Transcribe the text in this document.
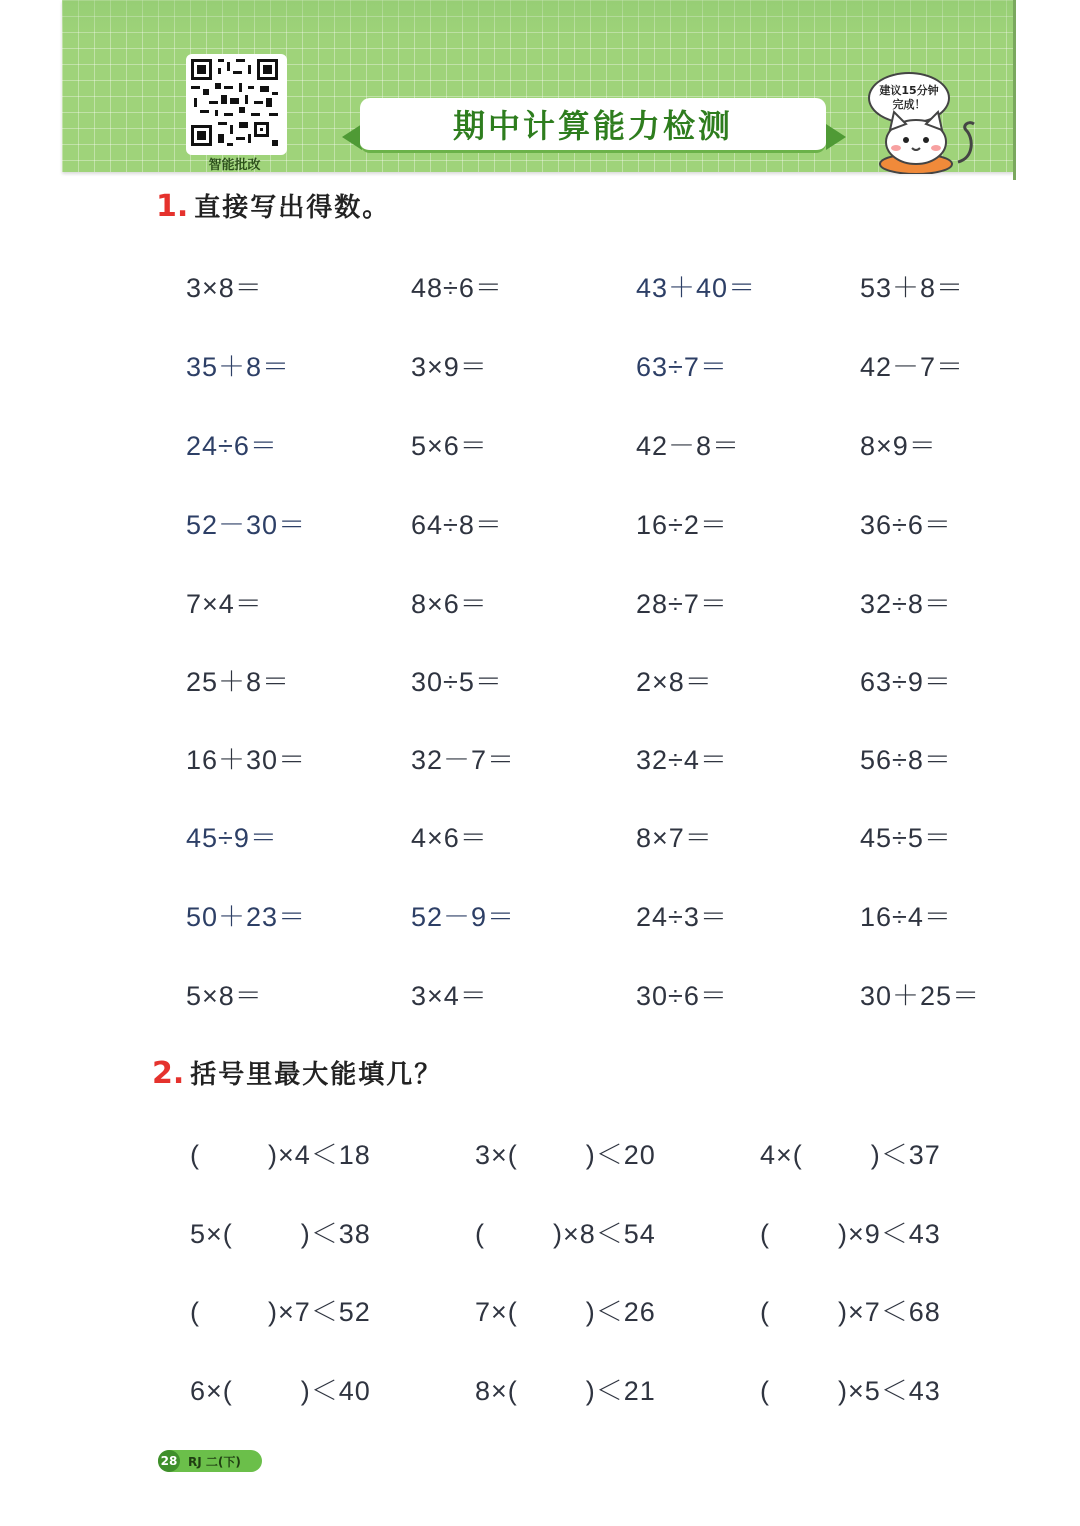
智能批改
期中计算能力检测
建议15分钟
完成！
1. 直接写出得数。
3×8＝	48÷6＝	43＋40＝	53＋8＝
35＋8＝	3×9＝	63÷7＝	42－7＝
24÷6＝	5×6＝	42－8＝	8×9＝
52－30＝	64÷8＝	16÷2＝	36÷6＝
7×4＝	8×6＝	28÷7＝	32÷8＝
25＋8＝	30÷5＝	2×8＝	63÷9＝
16＋30＝	32－7＝	32÷4＝	56÷8＝
45÷9＝	4×6＝	8×7＝	45÷5＝
50＋23＝	52－9＝	24÷3＝	16÷4＝
5×8＝	3×4＝	30÷6＝	30＋25＝
2. 括号里最大能填几？
(        )×4＜18	3×(        )＜20	4×(        )＜37
5×(        )＜38	(        )×8＜54	(        )×9＜43
(        )×7＜52	7×(        )＜26	(        )×7＜68
6×(        )＜40	8×(        )＜21	(        )×5＜43
28 RJ 二(下)
